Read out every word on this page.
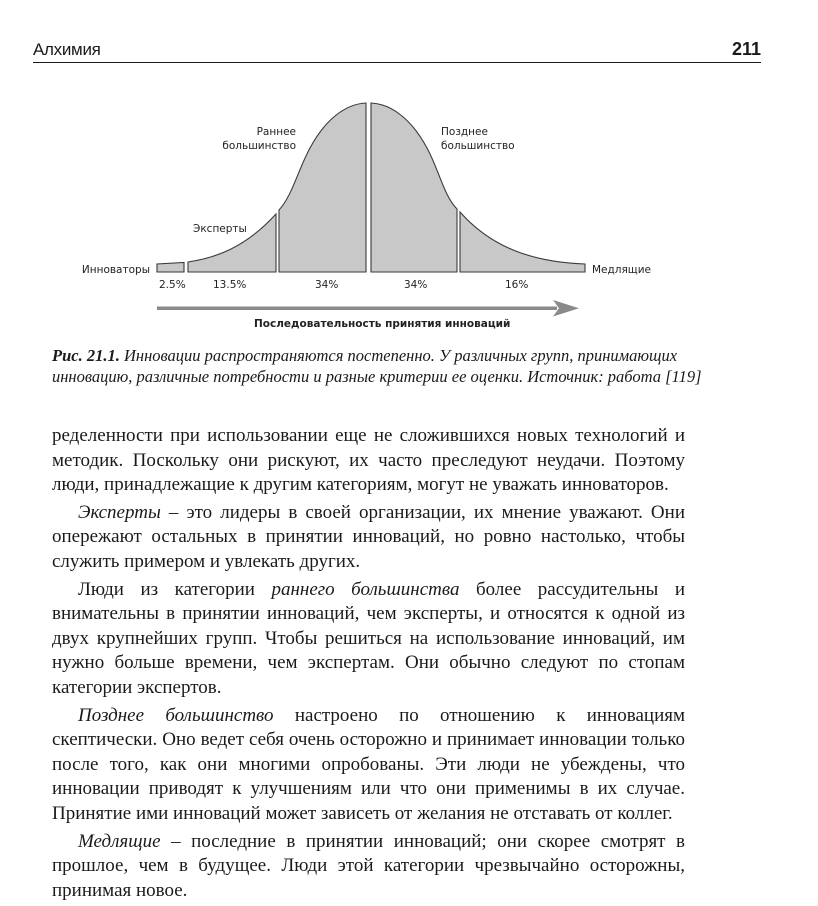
Алхимия	211
Инноваторы
Эксперты
Раннее
большинство
Позднее
большинство
Медлящие
2.5%	13.5%	34%	34%	16%
Последовательность принятия инноваций
Рис. 21.1. Инновации распространяются постепенно. У различных групп, принимающих инновацию, различные потребности и разные критерии ее оценки. Источник: работа [119]

ределенности при использовании еще не сложившихся новых технологий и методик. Поскольку они рискуют, их часто преследуют неудачи. Поэтому люди, принадлежащие к другим категориям, могут не уважать инноваторов.

Эксперты – это лидеры в своей организации, их мнение уважают. Они опережают остальных в принятии инноваций, но ровно настолько, чтобы служить примером и увлекать других.

Люди из категории раннего большинства более рассудительны и внимательны в принятии инноваций, чем эксперты, и относятся к одной из двух крупнейших групп. Чтобы решиться на использование инноваций, им нужно больше времени, чем экспертам. Они обычно следуют по стопам категории экспертов.

Позднее большинство настроено по отношению к инновациям скептически. Оно ведет себя очень осторожно и принимает инновации только после того, как они многими опробованы. Эти люди не убеждены, что инновации приводят к улучшениям или что они применимы в их случае. Принятие ими инноваций может зависеть от желания не отставать от коллег.

Медлящие – последние в принятии инноваций; они скорее смотрят в прошлое, чем в будущее. Люди этой категории чрезвычайно осторожны, принимая новое.
